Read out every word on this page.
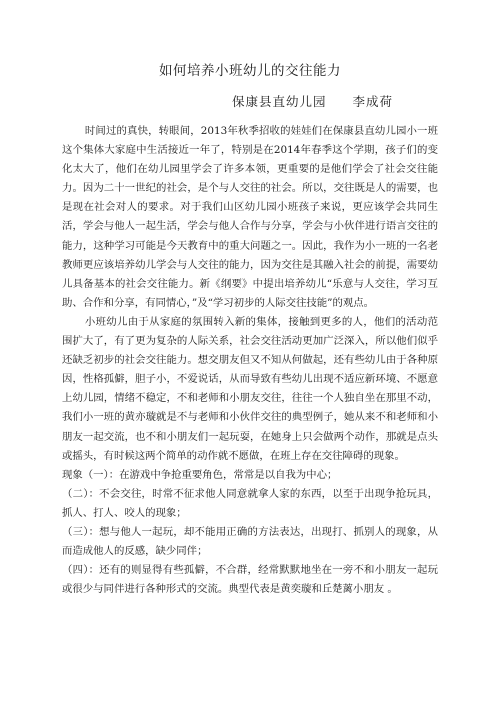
如何培养小班幼儿的交往能力
保康县直幼儿园 李成荷

时间过的真快，转眼间，2013年秋季招收的娃娃们在保康县直幼儿园小一班这个集体大家庭中生活接近一年了，特别是在2014年春季这个学期，孩子们的变化太大了，他们在幼儿园里学会了许多本领，更重要的是他们学会了社会交往能力。因为二十一世纪的社会，是个与人交往的社会。所以，交往既是人的需要，也是现在社会对人的要求。对于我们山区幼儿园小班孩子来说，更应该学会共同生活，学会与他人一起生活，学会与他人合作与分享，学会与小伙伴进行语言交往的能力，这种学习可能是今天教育中的重大问题之一。因此，我作为小一班的一名老教师更应该培养幼儿学会与人交往的能力，因为交往是其融入社会的前提，需要幼儿具备基本的社会交往能力。新《纲要》中提出培养幼儿“乐意与人交往，学习互助、合作和分享，有同情心，”及“学习初步的人际交往技能”的观点。

小班幼儿由于从家庭的氛围转入新的集体，接触到更多的人，他们的活动范围扩大了，有了更为复杂的人际关系，社会交往活动更加广泛深入，所以他们似乎还缺乏初步的社会交往能力。想交朋友但又不知从何做起，还有些幼儿由于各种原因，性格孤僻，胆子小，不爱说话，从而导致有些幼儿出现不适应新环境、不愿意上幼儿园，情绪不稳定，不和老师和小朋友交往，往往一个人独自坐在那里不动，我们小一班的黄亦璇就是不与老师和小伙伴交往的典型例子，她从来不和老师和小朋友一起交流，也不和小朋友们一起玩耍，在她身上只会做两个动作，那就是点头或摇头，有时候这两个简单的动作就不愿做，在班上存在交往障碍的现象。

现象（一）：在游戏中争抢重要角色，常常是以自我为中心；

（二）：不会交往，时常不征求他人同意就拿人家的东西，以至于出现争抢玩具，抓人、打人、咬人的现象；

（三）：想与他人一起玩，却不能用正确的方法表达，出现打、抓别人的现象，从而造成他人的反感，缺少同伴；

（四）：还有的则显得有些孤僻，不合群，经常默默地坐在一旁不和小朋友一起玩或很少与同伴进行各种形式的交流。典型代表是黄奕璇和丘楚蓠小朋友 。
